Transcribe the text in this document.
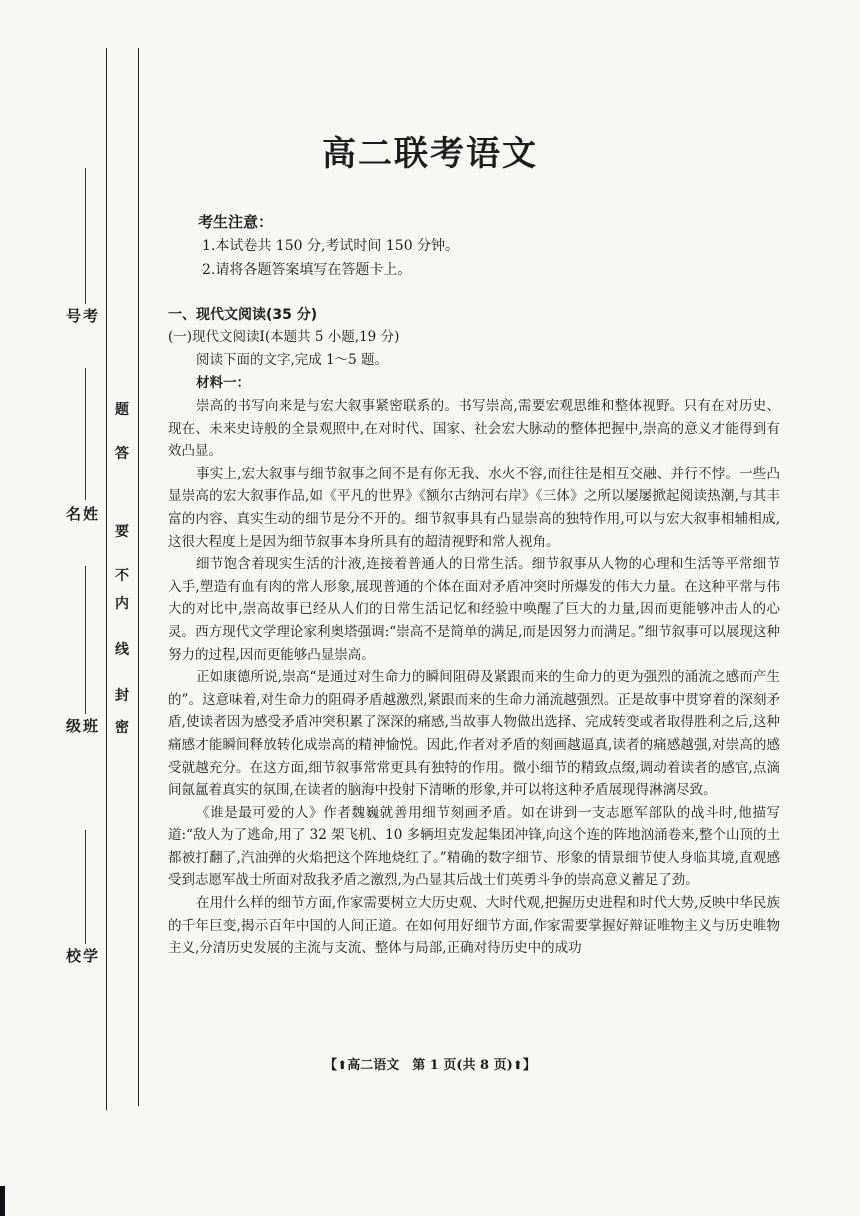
考号
姓名
班级
学校
题
答
要
不
内
线
封
密
高二联考语文
考生注意：
1.本试卷共 150 分,考试时间 150 分钟。
2.请将各题答案填写在答题卡上。
一、现代文阅读(35 分)
(一)现代文阅读Ⅰ(本题共 5 小题,19 分)
阅读下面的文字,完成 1～5 题。
材料一：

崇高的书写向来是与宏大叙事紧密联系的。书写崇高,需要宏观思维和整体视野。只有在对历史、现在、未来史诗般的全景观照中,在对时代、国家、社会宏大脉动的整体把握中,崇高的意义才能得到有效凸显。

事实上,宏大叙事与细节叙事之间不是有你无我、水火不容,而往往是相互交融、并行不悖。一些凸显崇高的宏大叙事作品,如《平凡的世界》《额尔古纳河右岸》《三体》之所以屡屡掀起阅读热潮,与其丰富的内容、真实生动的细节是分不开的。细节叙事具有凸显崇高的独特作用,可以与宏大叙事相辅相成,这很大程度上是因为细节叙事本身所具有的超清视野和常人视角。

细节饱含着现实生活的汁液,连接着普通人的日常生活。细节叙事从人物的心理和生活等平常细节入手,塑造有血有肉的常人形象,展现普通的个体在面对矛盾冲突时所爆发的伟大力量。在这种平常与伟大的对比中,崇高故事已经从人们的日常生活记忆和经验中唤醒了巨大的力量,因而更能够冲击人的心灵。西方现代文学理论家利奥塔强调:“崇高不是简单的满足,而是因努力而满足。”细节叙事可以展现这种努力的过程,因而更能够凸显崇高。

正如康德所说,崇高“是通过对生命力的瞬间阻碍及紧跟而来的生命力的更为强烈的涌流之感而产生的”。这意味着,对生命力的阻碍矛盾越激烈,紧跟而来的生命力涌流越强烈。正是故事中贯穿着的深刻矛盾,使读者因为感受矛盾冲突积累了深深的痛感,当故事人物做出选择、完成转变或者取得胜利之后,这种痛感才能瞬间释放转化成崇高的精神愉悦。因此,作者对矛盾的刻画越逼真,读者的痛感越强,对崇高的感受就越充分。在这方面,细节叙事常常更具有独特的作用。微小细节的精致点缀,调动着读者的感官,点滴间氤氲着真实的氛围,在读者的脑海中投射下清晰的形象,并可以将这种矛盾展现得淋漓尽致。

《谁是最可爱的人》作者魏巍就善用细节刻画矛盾。如在讲到一支志愿军部队的战斗时,他描写道:“敌人为了逃命,用了 32 架飞机、10 多辆坦克发起集团冲锋,向这个连的阵地汹涌卷来,整个山顶的土都被打翻了,汽油弹的火焰把这个阵地烧红了。”精确的数字细节、形象的情景细节使人身临其境,直观感受到志愿军战士所面对敌我矛盾之激烈,为凸显其后战士们英勇斗争的崇高意义蓄足了劲。

在用什么样的细节方面,作家需要树立大历史观、大时代观,把握历史进程和时代大势,反映中华民族的千年巨变,揭示百年中国的人间正道。在如何用好细节方面,作家需要掌握好辩证唯物主义与历史唯物主义,分清历史发展的主流与支流、整体与局部,正确对待历史中的成功

【⬆高二语文　第 1 页(共 8 页)⬆】
